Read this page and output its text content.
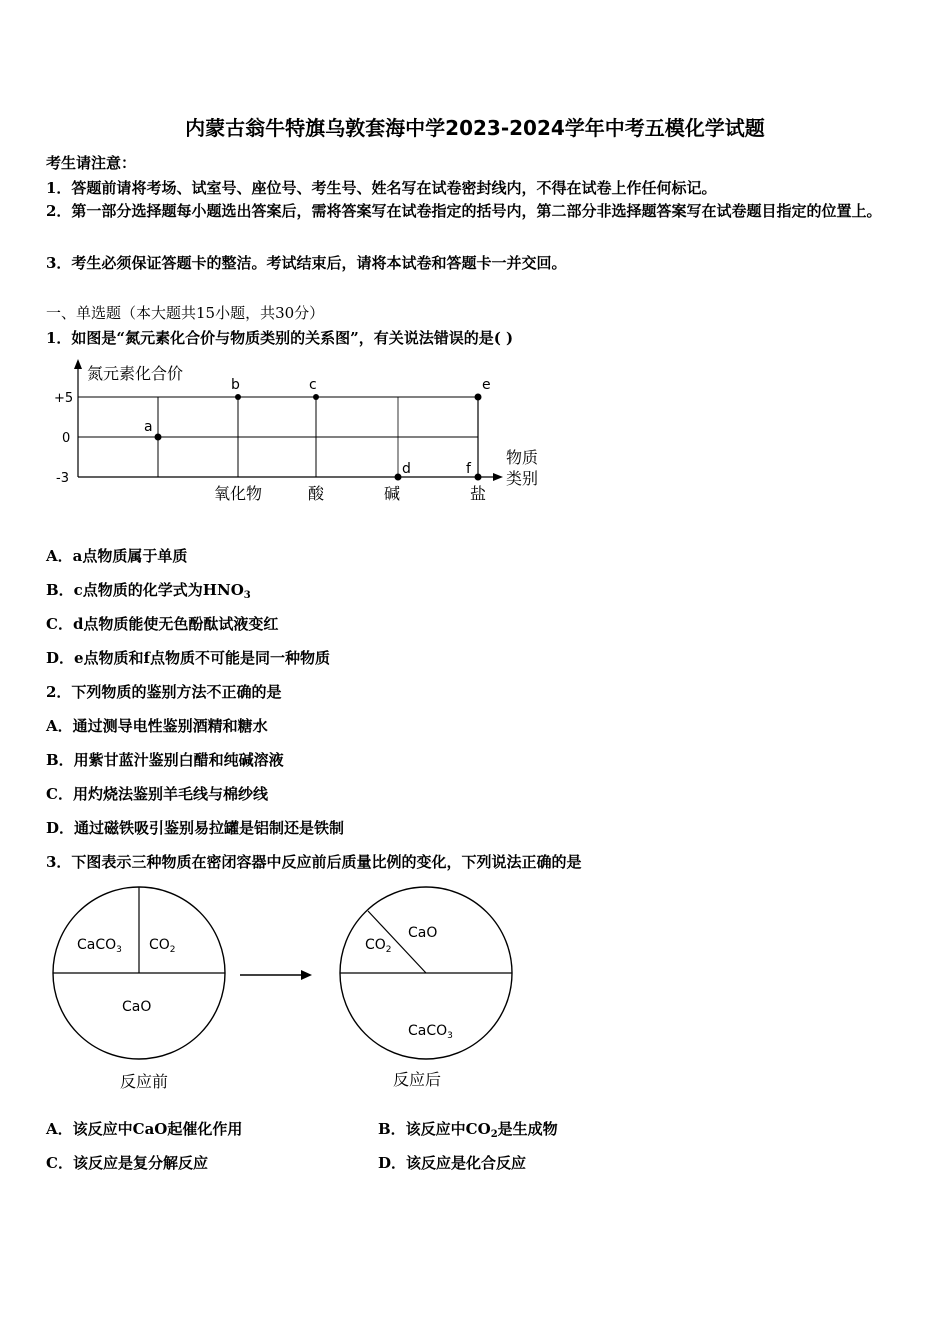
内蒙古翁牛特旗乌敦套海中学2023-2024学年中考五模化学试题
考生请注意：
1．答题前请将考场、试室号、座位号、考生号、姓名写在试卷密封线内，不得在试卷上作任何标记。
2．第一部分选择题每小题选出答案后，需将答案写在试卷指定的括号内，第二部分非选择题答案写在试卷题目指定的位置上。
3．考生必须保证答题卡的整洁。考试结束后，请将本试卷和答题卡一并交回。
一、单选题（本大题共15小题，共30分）
1．如图是“氮元素化合价与物质类别的关系图”，有关说法错误的是( )
氮元素化合价
物质
类别
+5
0
-3
a
b	c
d
e
f
氧化物	酸	碱	盐
A．a点物质属于单质
B．c点物质的化学式为$HNO_3$
C．d点物质能使无色酚酞试液变红
D．e点物质和f点物质不可能是同一种物质
2．下列物质的鉴别方法不正确的是
A．通过测导电性鉴别酒精和糖水
B．用紫甘蓝汁鉴别白醋和纯碱溶液
C．用灼烧法鉴别羊毛线与棉纱线
D．通过磁铁吸引鉴别易拉罐是铝制还是铁制
3．下图表示三种物质在密闭容器中反应前后质量比例的变化，下列说法正确的是
CaCO$_3$ $CO_2$
CaO
反应前
$CO_2$
CaO
CaCO$_3$
反应后
A．该反应中CaO起催化作用	B．该反应中$CO_2$是生成物
C．该反应是复分解反应	D．该反应是化合反应
